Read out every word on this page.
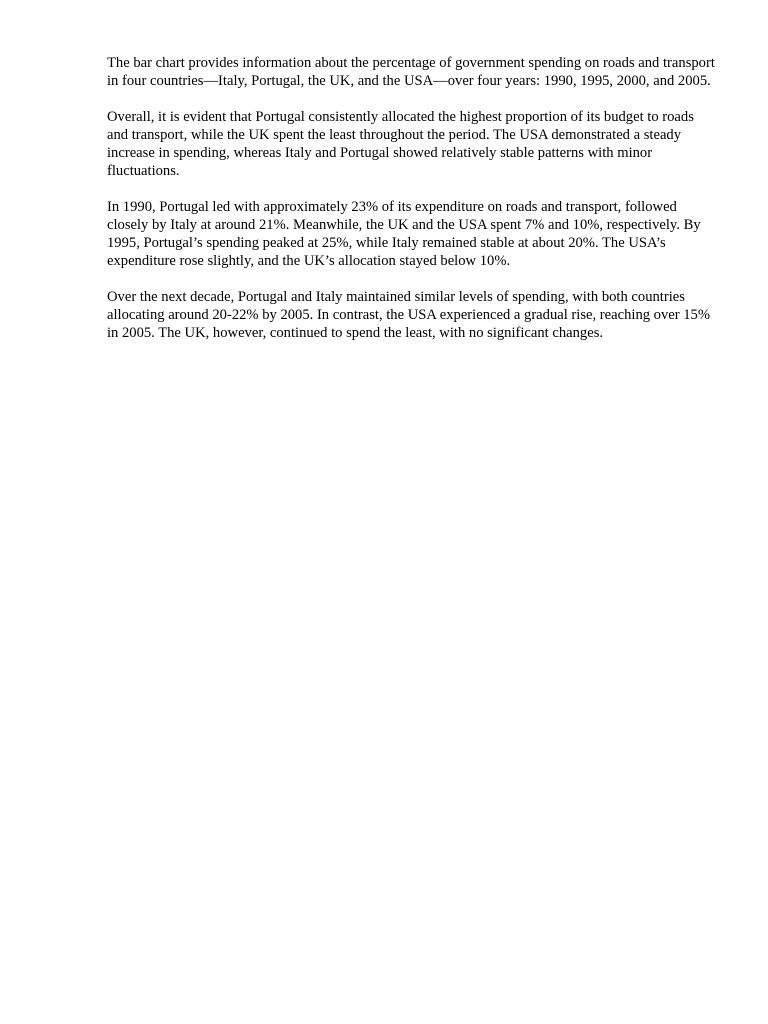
The bar chart provides information about the percentage of government spending on roads and transport in four countries—Italy, Portugal, the UK, and the USA—over four years: 1990, 1995, 2000, and 2005.

Overall, it is evident that Portugal consistently allocated the highest proportion of its budget to roads and transport, while the UK spent the least throughout the period. The USA demonstrated a steady increase in spending, whereas Italy and Portugal showed relatively stable patterns with minor fluctuations.

In 1990, Portugal led with approximately 23% of its expenditure on roads and transport, followed closely by Italy at around 21%. Meanwhile, the UK and the USA spent 7% and 10%, respectively. By 1995, Portugal’s spending peaked at 25%, while Italy remained stable at about 20%. The USA’s expenditure rose slightly, and the UK’s allocation stayed below 10%.

Over the next decade, Portugal and Italy maintained similar levels of spending, with both countries allocating around 20-22% by 2005. In contrast, the USA experienced a gradual rise, reaching over 15% in 2005. The UK, however, continued to spend the least, with no significant changes.
